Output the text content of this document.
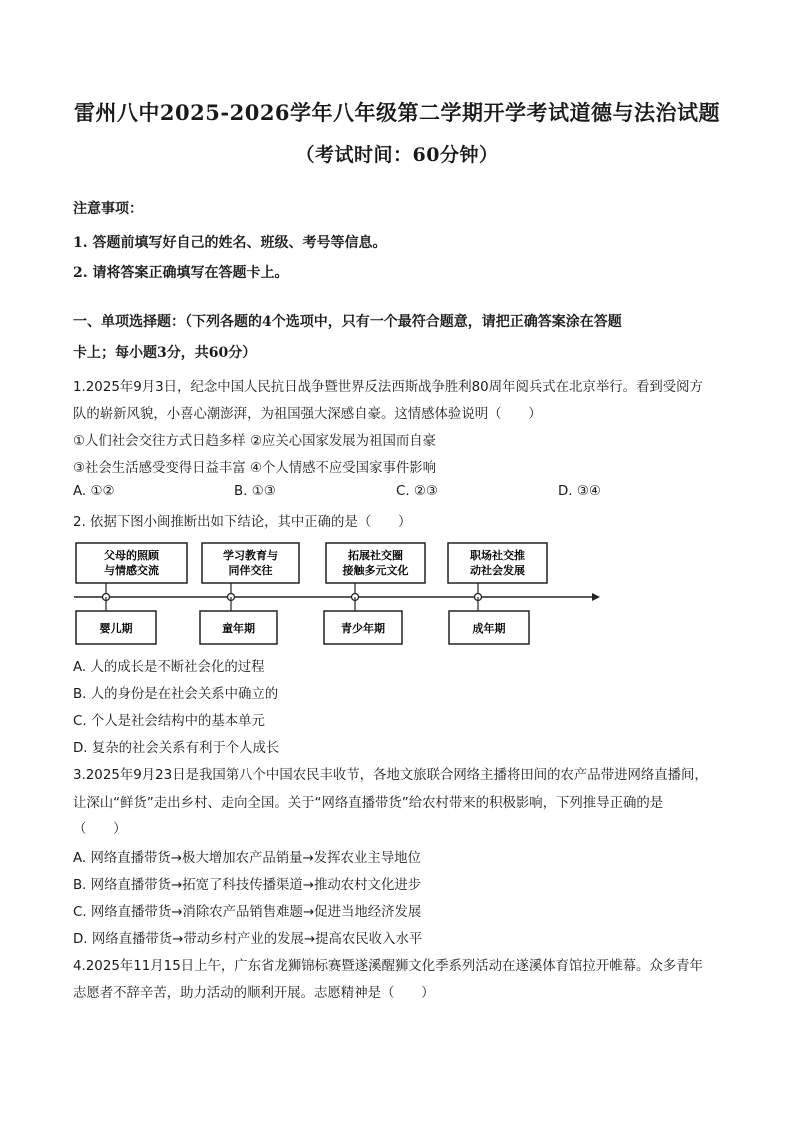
雷州八中2025-2026学年八年级第二学期开学考试道德与法治试题
（考试时间：60分钟）
注意事项：
1. 答题前填写好自己的姓名、班级、考号等信息。
2. 请将答案正确填写在答题卡上。
一、单项选择题：（下列各题的4个选项中，只有一个最符合题意，请把正确答案涂在答题
卡上；每小题3分，共60分）
1.2025年9月3日，纪念中国人民抗日战争暨世界反法西斯战争胜利80周年阅兵式在北京举行。看到受阅方
队的崭新风貌，小喜心潮澎湃，为祖国强大深感自豪。这情感体验说明（　　）
①人们社会交往方式日趋多样 ②应关心国家发展为祖国而自豪
③社会生活感受变得日益丰富 ④个人情感不应受国家事件影响
A. ①②	B. ①③	C. ②③	D. ③④
2. 依据下图小闽推断出如下结论，其中正确的是（　　）
父母的照顾
与情感交流
婴儿期
学习教育与
同伴交往
童年期
拓展社交圈
接触多元文化
青少年期
职场社交推
动社会发展
成年期
A. 人的成长是不断社会化的过程
B. 人的身份是在社会关系中确立的
C. 个人是社会结构中的基本单元
D. 复杂的社会关系有利于个人成长
3.2025年9月23日是我国第八个中国农民丰收节，各地文旅联合网络主播将田间的农产品带进网络直播间，
让深山“鲜货”走出乡村、走向全国。关于“网络直播带货”给农村带来的积极影响，下列推导正确的是
（　　）
A. 网络直播带货→极大增加农产品销量→发挥农业主导地位
B. 网络直播带货→拓宽了科技传播渠道→推动农村文化进步
C. 网络直播带货→消除农产品销售难题→促进当地经济发展
D. 网络直播带货→带动乡村产业的发展→提高农民收入水平
4.2025年11月15日上午，广东省龙狮锦标赛暨遂溪醒狮文化季系列活动在遂溪体育馆拉开帷幕。众多青年
志愿者不辞辛苦，助力活动的顺利开展。志愿精神是（　　）
